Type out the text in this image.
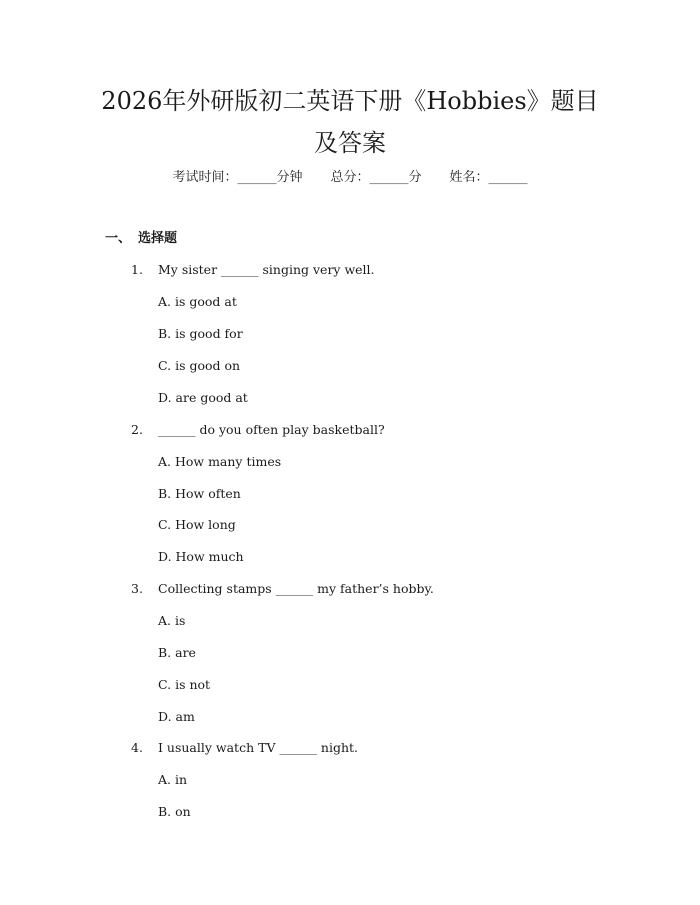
2026年外研版初二英语下册《Hobbies》题目及答案
考试时间：______分钟 总分：______分 姓名：______
一、 选择题
1. My sister ______ singing very well.
A. is good at
B. is good for
C. is good on
D. are good at
2. ______ do you often play basketball?
A. How many times
B. How often
C. How long
D. How much
3. Collecting stamps ______ my father’s hobby.
A. is
B. are
C. is not
D. am
4. I usually watch TV ______ night.
A. in
B. on
